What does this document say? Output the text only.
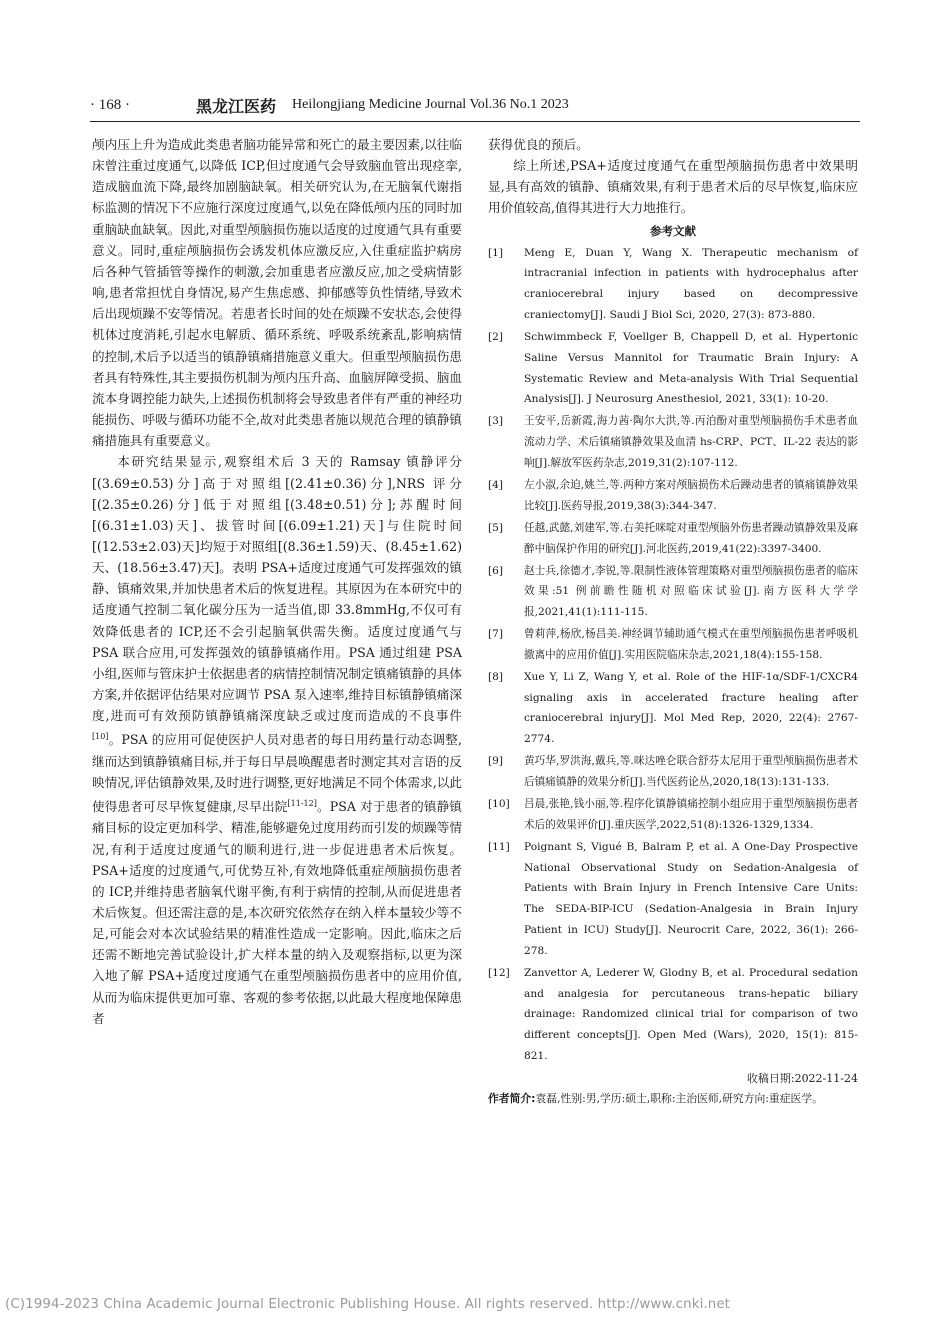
· 168 ·	黑龙江医药 Heilongjiang Medicine Journal Vol.36 No.1 2023

颅内压上升为造成此类患者脑功能异常和死亡的最主要因素,以往临床曾注重过度通气,以降低 ICP,但过度通气会导致脑血管出现痉挛,造成脑血流下降,最终加剧脑缺氧。相关研究认为,在无脑氧代谢指标监测的情况下不应施行深度过度通气,以免在降低颅内压的同时加重脑缺血缺氧。因此,对重型颅脑损伤施以适度的过度通气具有重要意义。同时,重症颅脑损伤会诱发机体应激反应,入住重症监护病房后各种气管插管等操作的刺激,会加重患者应激反应,加之受病情影响,患者常担忧自身情况,易产生焦虑感、抑郁感等负性情绪,导致术后出现烦躁不安等情况。若患者长时间的处在烦躁不安状态,会使得机体过度消耗,引起水电解质、循环系统、呼吸系统紊乱,影响病情的控制,术后予以适当的镇静镇痛措施意义重大。但重型颅脑损伤患者具有特殊性,其主要损伤机制为颅内压升高、血脑屏障受损、脑血流本身调控能力缺失,上述损伤机制将会导致患者伴有严重的神经功能损伤、呼吸与循环功能不全,故对此类患者施以规范合理的镇静镇痛措施具有重要意义。

本研究结果显示,观察组术后 3 天的 Ramsay 镇静评分[(3.69±0.53)分]高于对照组[(2.41±0.36)分],NRS 评分[(2.35±0.26)分]低于对照组[(3.48±0.51)分];苏醒时间[(6.31±1.03)天]、拔管时间[(6.09±1.21)天]与住院时间[(12.53±2.03)天]均短于对照组[(8.36±1.59)天、(8.45±1.62)天、(18.56±3.47)天]。表明 PSA+适度过度通气可发挥强效的镇静、镇痛效果,并加快患者术后的恢复进程。其原因为在本研究中的适度通气控制二氧化碳分压为一适当值,即 33.8mmHg,不仅可有效降低患者的 ICP,还不会引起脑氧供需失衡。适度过度通气与 PSA 联合应用,可发挥强效的镇静镇痛作用。PSA 通过组建 PSA 小组,医师与管床护士依据患者的病情控制情况制定镇痛镇静的具体方案,并依据评估结果对应调节 PSA 泵入速率,维持目标镇静镇痛深度,进而可有效预防镇静镇痛深度缺乏或过度而造成的不良事件[10]。PSA 的应用可促使医护人员对患者的每日用药量行动态调整,继而达到镇静镇痛目标,并于每日早晨唤醒患者时测定其对言语的反映情况,评估镇静效果,及时进行调整,更好地满足不同个体需求,以此使得患者可尽早恢复健康,尽早出院[11-12]。PSA 对于患者的镇静镇痛目标的设定更加科学、精准,能够避免过度用药而引发的烦躁等情况,有利于适度过度通气的顺利进行,进一步促进患者术后恢复。PSA+适度的过度通气,可优势互补,有效地降低重症颅脑损伤患者的 ICP,并维持患者脑氧代谢平衡,有利于病情的控制,从而促进患者术后恢复。但还需注意的是,本次研究依然存在纳入样本量较少等不足,可能会对本次试验结果的精准性造成一定影响。因此,临床之后还需不断地完善试验设计,扩大样本量的纳入及观察指标,以更为深入地了解 PSA+适度过度通气在重型颅脑损伤患者中的应用价值,从而为临床提供更加可靠、客观的参考依据,以此最大程度地保障患者

获得优良的预后。

综上所述,PSA+适度过度通气在重型颅脑损伤患者中效果明显,具有高效的镇静、镇痛效果,有利于患者术后的尽早恢复,临床应用价值较高,值得其进行大力地推行。

参考文献
[1]	Meng E, Duan Y, Wang X. Therapeutic mechanism of intracranial infection in patients with hydrocephalus after craniocerebral injury based on decompressive craniectomy[J]. Saudi J Biol Sci, 2020, 27(3): 873-880.
[2]	Schwimmbeck F, Voellger B, Chappell D, et al. Hypertonic Saline Versus Mannitol for Traumatic Brain Injury: A Systematic Review and Meta-analysis With Trial Sequential Analysis[J]. J Neurosurg Anesthesiol, 2021, 33(1): 10-20.
[3]	王安平,岳新霞,海力茜·陶尔大洪,等.丙泊酚对重型颅脑损伤手术患者血流动力学、术后镇痛镇静效果及血清 hs-CRP、PCT、IL-22 表达的影响[J].解放军医药杂志,2019,31(2):107-112.
[4]	左小淑,余迫,姚兰,等.两种方案对颅脑损伤术后躁动患者的镇痛镇静效果比较[J].医药导报,2019,38(3):344-347.
[5]	任越,武懿,刘建军,等.右美托咪啶对重型颅脑外伤患者躁动镇静效果及麻醉中脑保护作用的研究[J].河北医药,2019,41(22):3397-3400.
[6]	赵士兵,徐德才,李锐,等.限制性液体管理策略对重型颅脑损伤患者的临床效果:51 例前瞻性随机对照临床试验[J].南方医科大学学报,2021,41(1):111-115.
[7]	曾莉萍,杨欣,杨昌美.神经调节辅助通气模式在重型颅脑损伤患者呼吸机撤离中的应用价值[J].实用医院临床杂志,2021,18(4):155-158.
[8]	Xue Y, Li Z, Wang Y, et al. Role of the HIF-1α/SDF-1/CXCR4 signaling axis in accelerated fracture healing after craniocerebral injury[J]. Mol Med Rep, 2020, 22(4): 2767-2774.
[9]	黄巧华,罗洪海,戴兵,等.咪达唑仑联合舒芬太尼用于重型颅脑损伤患者术后镇痛镇静的效果分析[J].当代医药论丛,2020,18(13):131-133.
[10]	吕晨,张艳,钱小丽,等.程序化镇静镇痛控制小组应用于重型颅脑损伤患者术后的效果评价[J].重庆医学,2022,51(8):1326-1329,1334.
[11]	Poignant S, Vigué B, Balram P, et al. A One-Day Prospective National Observational Study on Sedation-Analgesia of Patients with Brain Injury in French Intensive Care Units: The SEDA-BIP-ICU (Sedation-Analgesia in Brain Injury Patient in ICU) Study[J]. Neurocrit Care, 2022, 36(1): 266-278.
[12]	Zanvettor A, Lederer W, Glodny B, et al. Procedural sedation and analgesia for percutaneous trans-hepatic biliary drainage: Randomized clinical trial for comparison of two different concepts[J]. Open Med (Wars), 2020, 15(1): 815-821.
收稿日期:2022-11-24
作者简介:袁磊,性别:男,学历:硕士,职称:主治医师,研究方向:重症医学。
(C)1994-2023 China Academic Journal Electronic Publishing House. All rights reserved. http://www.cnki.net
